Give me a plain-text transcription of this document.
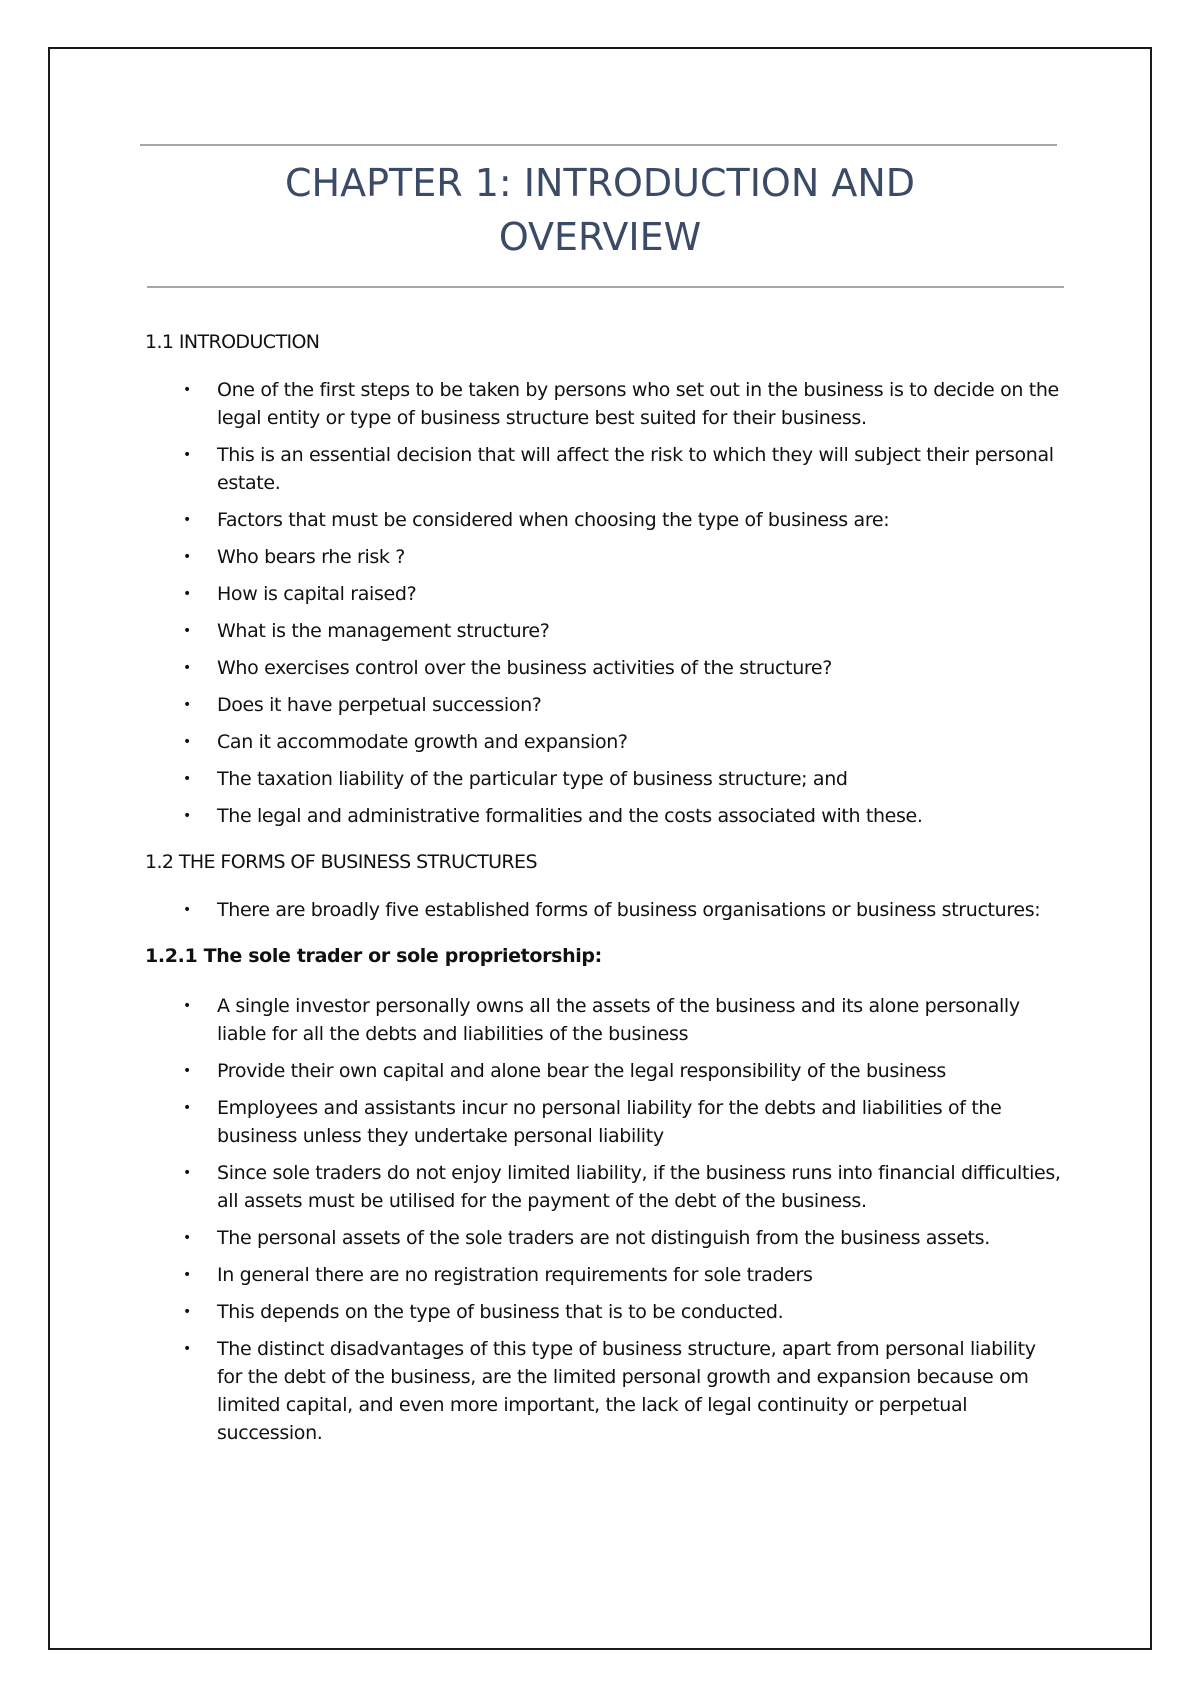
CHAPTER 1: INTRODUCTION AND OVERVIEW
1.1 INTRODUCTION
• One of the first steps to be taken by persons who set out in the business is to decide on the legal entity or type of business structure best suited for their business.
• This is an essential decision that will affect the risk to which they will subject their personal estate.
• Factors that must be considered when choosing the type of business are:
• Who bears rhe risk ?
• How is capital raised?
• What is the management structure?
• Who exercises control over the business activities of the structure?
• Does it have perpetual succession?
• Can it accommodate growth and expansion?
• The taxation liability of the particular type of business structure; and
• The legal and administrative formalities and the costs associated with these.
1.2 THE FORMS OF BUSINESS STRUCTURES
• There are broadly five established forms of business organisations or business structures:
1.2.1 The sole trader or sole proprietorship:
• A single investor personally owns all the assets of the business and its alone personally liable for all the debts and liabilities of the business
• Provide their own capital and alone bear the legal responsibility of the business
• Employees and assistants incur no personal liability for the debts and liabilities of the business unless they undertake personal liability
• Since sole traders do not enjoy limited liability, if the business runs into financial difficulties, all assets must be utilised for the payment of the debt of the business.
• The personal assets of the sole traders are not distinguish from the business assets.
• In general there are no registration requirements for sole traders
• This depends on the type of business that is to be conducted.
• The distinct disadvantages of this type of business structure, apart from personal liability for the debt of the business, are the limited personal growth and expansion because om limited capital, and even more important, the lack of legal continuity or perpetual succession.
